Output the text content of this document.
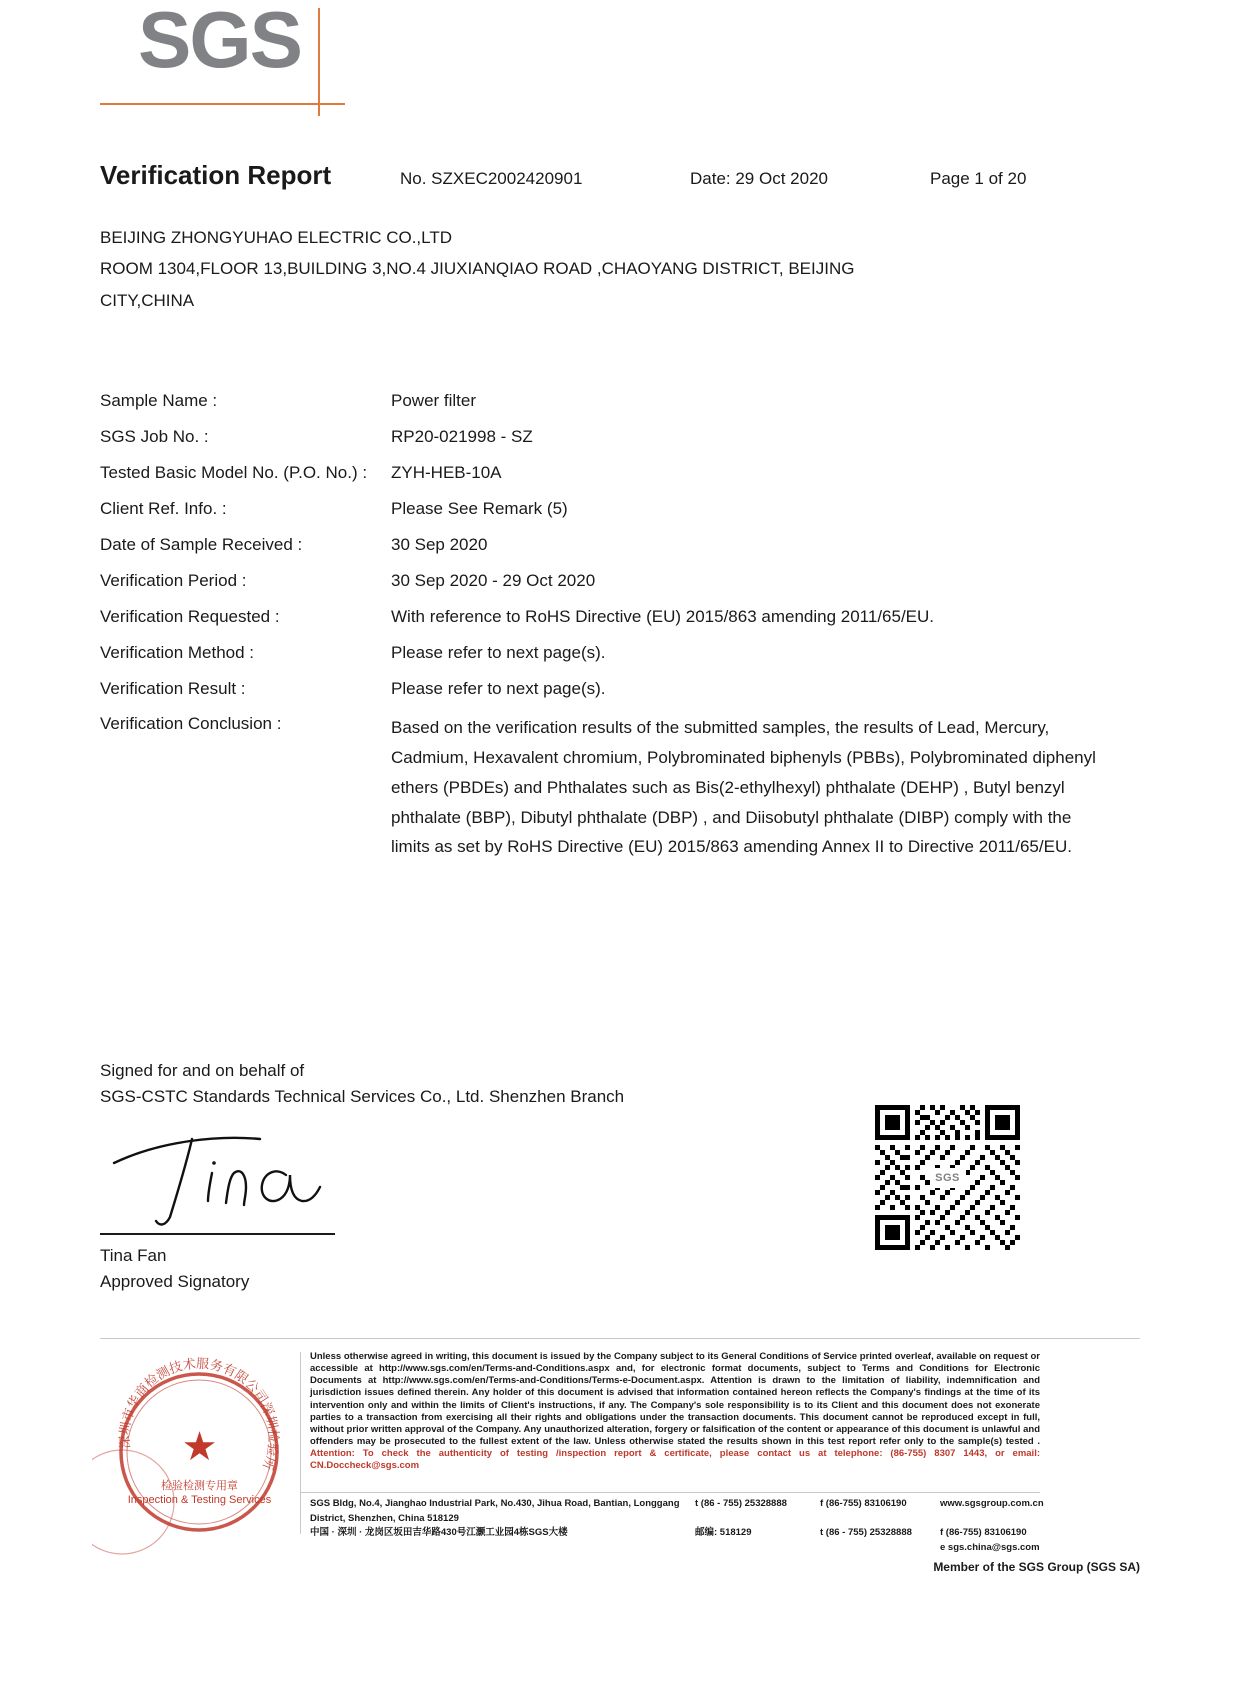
SGS
Verification Report	No. SZXEC2002420901	Date: 29 Oct 2020	Page 1 of 20
BEIJING ZHONGYUHAO ELECTRIC CO.,LTD
ROOM 1304,FLOOR 13,BUILDING 3,NO.4 JIUXIANQIAO ROAD ,CHAOYANG DISTRICT, BEIJING
CITY,CHINA
Sample Name :	Power filter
SGS Job No. :	RP20-021998 - SZ
Tested Basic Model No. (P.O. No.) :	ZYH-HEB-10A
Client Ref. Info. :	Please See Remark (5)
Date of Sample Received :	30 Sep 2020
Verification Period :	30 Sep 2020 - 29 Oct 2020
Verification Requested :	With reference to RoHS Directive (EU) 2015/863 amending 2011/65/EU.
Verification Method :	Please refer to next page(s).
Verification Result :	Please refer to next page(s).
Verification Conclusion :	Based on the verification results of the submitted samples, the results of Lead, Mercury, Cadmium, Hexavalent chromium, Polybrominated biphenyls (PBBs), Polybrominated diphenyl ethers (PBDEs) and Phthalates such as Bis(2-ethylhexyl) phthalate (DEHP) , Butyl benzyl phthalate (BBP), Dibutyl phthalate (DBP) , and Diisobutyl phthalate (DIBP) comply with the limits as set by RoHS Directive (EU) 2015/863 amending Annex II to Directive 2011/65/EU.
Signed for and on behalf of
SGS-CSTC Standards Technical Services Co., Ltd. Shenzhen Branch
Tina Fan
Approved Signatory
SGS
深圳市华商检测技术服务有限公司深圳检验所
★
检验检测专用章
Inspection & Testing Services
Unless otherwise agreed in writing, this document is issued by the Company subject to its General Conditions of Service printed overleaf, available on request or accessible at http://www.sgs.com/en/Terms-and-Conditions.aspx and, for electronic format documents, subject to Terms and Conditions for Electronic Documents at http://www.sgs.com/en/Terms-and-Conditions/Terms-e-Document.aspx. Attention is drawn to the limitation of liability, indemnification and jurisdiction issues defined therein. Any holder of this document is advised that information contained hereon reflects the Company's findings at the time of its intervention only and within the limits of Client's instructions, if any. The Company's sole responsibility is to its Client and this document does not exonerate parties to a transaction from exercising all their rights and obligations under the transaction documents. This document cannot be reproduced except in full, without prior written approval of the Company. Any unauthorized alteration, forgery or falsification of the content or appearance of this document is unlawful and offenders may be prosecuted to the fullest extent of the law. Unless otherwise stated the results shown in this test report refer only to the sample(s) tested . Attention: To check the authenticity of testing /inspection report & certificate, please contact us at telephone: (86-755) 8307 1443, or email: CN.Doccheck@sgs.com
SGS Bldg, No.4, Jianghao Industrial Park, No.430, Jihua Road, Bantian, Longgang District, Shenzhen, China 518129
t (86 - 755) 25328888	f (86-755) 83106190	www.sgsgroup.com.cn
中国 · 深圳 · 龙岗区坂田吉华路430号江灏工业园4栋SGS大楼	邮编: 518129	t (86 - 755) 25328888	f (86-755) 83106190
e sgs.china@sgs.com
Member of the SGS Group (SGS SA)
